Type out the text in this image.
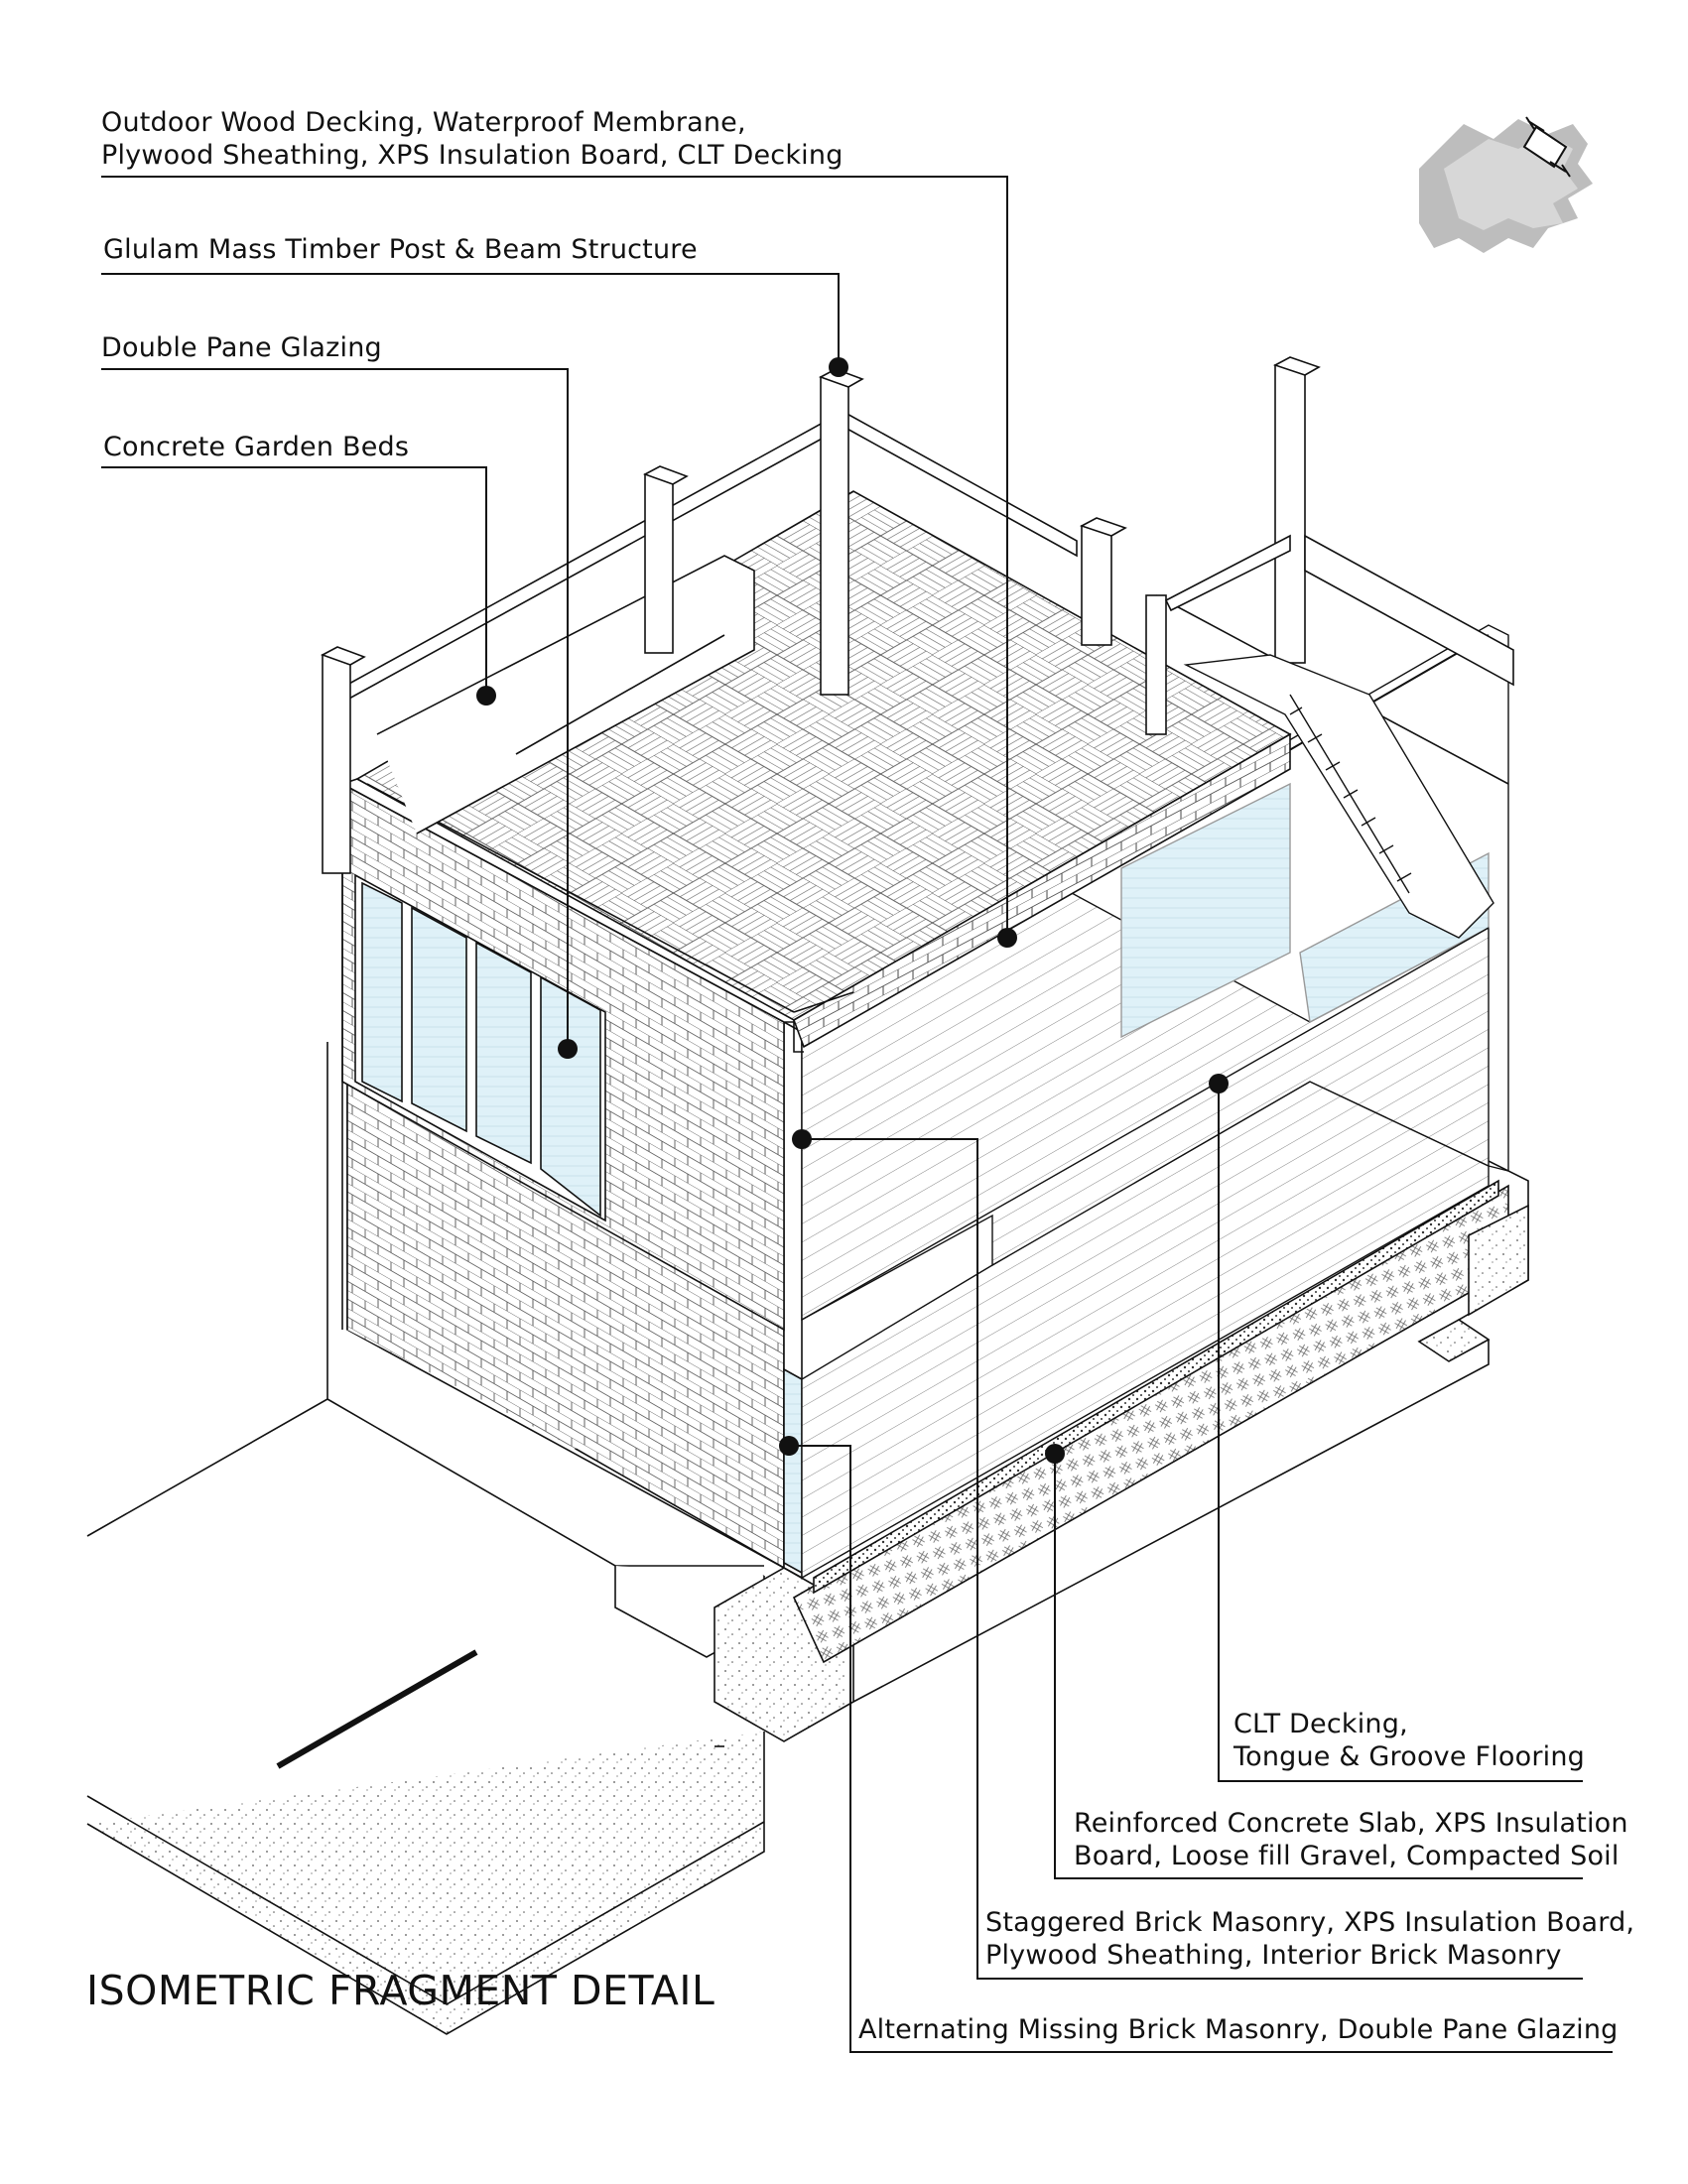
Outdoor Wood Decking, Waterproof Membrane,
Plywood Sheathing, XPS Insulation Board, CLT Decking
Glulam Mass Timber Post & Beam Structure
Double Pane Glazing
Concrete Garden Beds
CLT Decking,
Tongue & Groove Flooring
Reinforced Concrete Slab, XPS Insulation
Board, Loose fill Gravel, Compacted Soil
Staggered Brick Masonry, XPS Insulation Board,
Plywood Sheathing, Interior Brick Masonry
Alternating Missing Brick Masonry, Double Pane Glazing
ISOMETRIC FRAGMENT DETAIL
